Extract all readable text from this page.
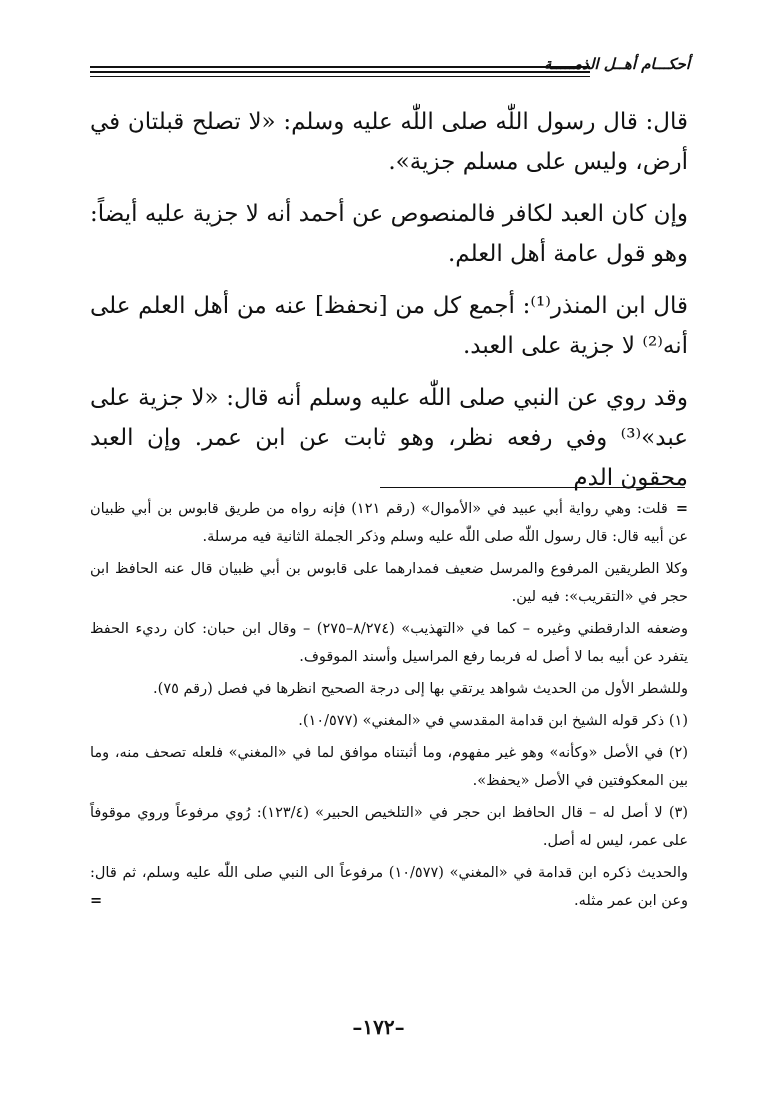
أحكـــام أهــل الذمـــــة

قال: قال رسول اللّٰه صلى اللّٰه عليه وسلم: «لا تصلح قبلتان في أرض، وليس على مسلم جزية».

وإن كان العبد لكافر فالمنصوص عن أحمد أنه لا جزية عليه أيضاً: وهو قول عامة أهل العلم.

قال ابن المنذر⁽¹⁾: أجمع كل من [نحفظ] عنه من أهل العلم على أنه⁽²⁾ لا جزية على العبد.

وقد روي عن النبي صلى اللّٰه عليه وسلم أنه قال: «لا جزية على عبد»⁽³⁾ وفي رفعه نظر، وهو ثابت عن ابن عمر. وإن العبد محقون الدم

=قلت: وهي رواية أبي عبيد في «الأموال» (رقم ١٢١) فإنه رواه من طريق قابوس بن أبي ظبيان عن أبيه قال: قال رسول اللّٰه صلى اللّٰه عليه وسلم وذكر الجملة الثانية فيه مرسلة.

وكلا الطريقين المرفوع والمرسل ضعيف فمدارهما على قابوس بن أبي ظبيان قال عنه الحافظ ابن حجر في «التقريب»: فيه لين.

وضعفه الدارقطني وغيره – كما في «التهذيب» (٨/٢٧٤–٢٧٥) – وقال ابن حبان: كان رديء الحفظ يتفرد عن أبيه بما لا أصل له فربما رفع المراسيل وأسند الموقوف.

وللشطر الأول من الحديث شواهد يرتقي بها إلى درجة الصحيح انظرها في فصل (رقم ٧٥).

(١) ذكر قوله الشيخ ابن قدامة المقدسي في «المغني» (١٠/٥٧٧).

(٢) في الأصل «وكأنه» وهو غير مفهوم، وما أثبتناه موافق لما في «المغني» فلعله تصحف منه، وما بين المعكوفتين في الأصل «يحفظ».

(٣) لا أصل له – قال الحافظ ابن حجر في «التلخيص الحبير» (١٢٣/٤): رُوي مرفوعاً وروي موقوفاً على عمر، ليس له أصل.

والحديث ذكره ابن قدامة في «المغني» (١٠/٥٧٧) مرفوعاً الى النبي صلى اللّٰه عليه وسلم، ثم قال: وعن ابن عمر مثله.
=

–١٧٢–
